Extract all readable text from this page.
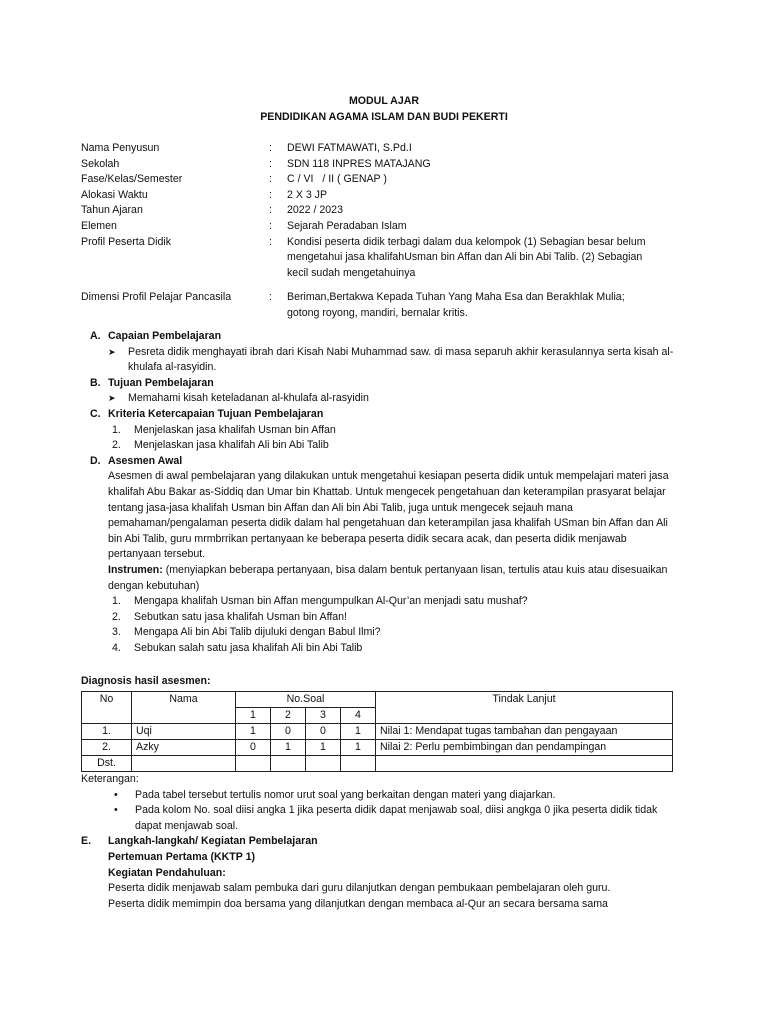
MODUL AJAR
PENDIDIKAN AGAMA ISLAM DAN BUDI PEKERTI
Nama Penyusun	:	DEWI FATMAWATI, S.Pd.I
Sekolah	:	SDN 118 INPRES MATAJANG
Fase/Kelas/Semester	:	C / VI   / II ( GENAP )
Alokasi Waktu	:	2 X 3 JP
Tahun Ajaran	:	2022 / 2023
Elemen	:	Sejarah Peradaban Islam
Profil Peserta Didik	:	Kondisi peserta didik terbagi dalam dua kelompok (1) Sebagian besar belum mengetahui jasa khalifahUsman bin Affan dan Ali bin Abi Talib. (2) Sebagian kecil sudah mengetahuinya
Dimensi Profil Pelajar Pancasila	:	Beriman,Bertakwa Kepada Tuhan Yang Maha Esa dan Berakhlak Mulia; gotong royong, mandiri, bernalar kritis.
A. Capaian Pembelajaran
➤	Pesreta didik menghayati ibrah dari Kisah Nabi Muhammad saw. di masa separuh akhir kerasulannya serta kisah al-khulafa al-rasyidin.
B. Tujuan Pembelajaran
➤	Memahami kisah keteladanan al-khulafa al-rasyidin
C. Kriteria Ketercapaian Tujuan Pembelajaran
1.	Menjelaskan jasa khalifah Usman bin Affan
2.	Menjelaskan jasa khalifah Ali bin Abi Talib
D. Asesmen Awal
Asesmen di awal pembelajaran yang dilakukan untuk mengetahui kesiapan peserta didik untuk mempelajari materi jasa khalifah Abu Bakar as-Siddiq dan Umar bin Khattab. Untuk mengecek pengetahuan dan keterampilan prasyarat belajar tentang jasa-jasa khalifah Usman bin Affan dan Ali bin Abi Talib, juga untuk mengecek sejauh mana pemahaman/pengalaman peserta didik dalam hal pengetahuan dan keterampilan jasa khalifah USman bin Affan dan Ali bin Abi Talib, guru mrmbrrikan pertanyaan ke beberapa peserta didik secara acak, dan peserta didik menjawab pertanyaan tersebut.
Instrumen: (menyiapkan beberapa pertanyaan, bisa dalam bentuk pertanyaan lisan, tertulis atau kuis atau disesuaikan dengan kebutuhan)
1.	Mengapa khalifah Usman bin Affan mengumpulkan Al-Qur’an menjadi satu mushaf?
2.	Sebutkan satu jasa khalifah Usman bin Affan!
3.	Mengapa Ali bin Abi Talib dijuluki dengan Babul Ilmi?
4.	Sebukan salah satu jasa khalifah Ali bin Abi Talib
Diagnosis hasil asesmen:
No	Nama	No.Soal				Tindak Lanjut
		1	2	3	4	
1.	Uqi	1	0	0	1	Nilai 1: Mendapat tugas tambahan dan pengayaan
2.	Azky	0	1	1	1	Nilai 2: Perlu pembimbingan dan pendampingan
Dst.						
Keterangan:
•	Pada tabel tersebut tertulis nomor urut soal yang berkaitan dengan materi yang diajarkan.
•	Pada kolom No. soal diisi angka 1 jika peserta didik dapat menjawab soal, diisi angkga 0 jika peserta didik tidak dapat menjawab soal.
E.	Langkah-langkah/ Kegiatan Pembelajaran
Pertemuan Pertama (KKTP 1)
Kegiatan Pendahuluan:
Peserta didik menjawab salam pembuka dari guru dilanjutkan dengan pembukaan pembelajaran oleh guru.
Peserta didik memimpin doa bersama yang dilanjutkan dengan membaca al-Qur an secara bersama sama
